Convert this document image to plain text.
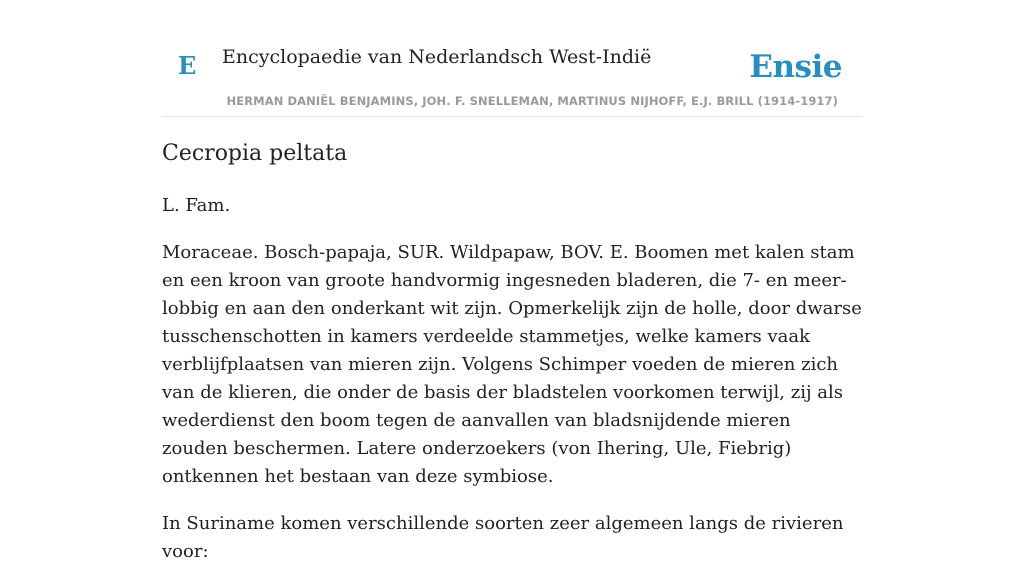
E Encyclopaedie van Nederlandsch West-Indië	Ensie
HERMAN DANIËL BENJAMINS, JOH. F. SNELLEMAN, MARTINUS NIJHOFF, E.J. BRILL (1914-1917)
Cecropia peltata

L. Fam.

Moraceae. Bosch-papaja, SUR. Wildpapaw, BOV. E. Boomen met kalen stam en een kroon van groote handvormig ingesneden bladeren, die 7- en meer-lobbig en aan den onderkant wit zijn. Opmerkelijk zijn de holle, door dwarse tusschenschotten in kamers verdeelde stammetjes, welke kamers vaak verblijfplaatsen van mieren zijn. Volgens Schimper voeden de mieren zich van de klieren, die onder de basis der bladstelen voorkomen terwijl, zij als wederdienst den boom tegen de aanvallen van bladsnijdende mieren zouden beschermen. Latere onderzoekers (von Ihering, Ule, Fiebrig) ontkennen het bestaan van deze symbiose.

In Suriname komen verschillende soorten zeer algemeen langs de rivieren voor:
